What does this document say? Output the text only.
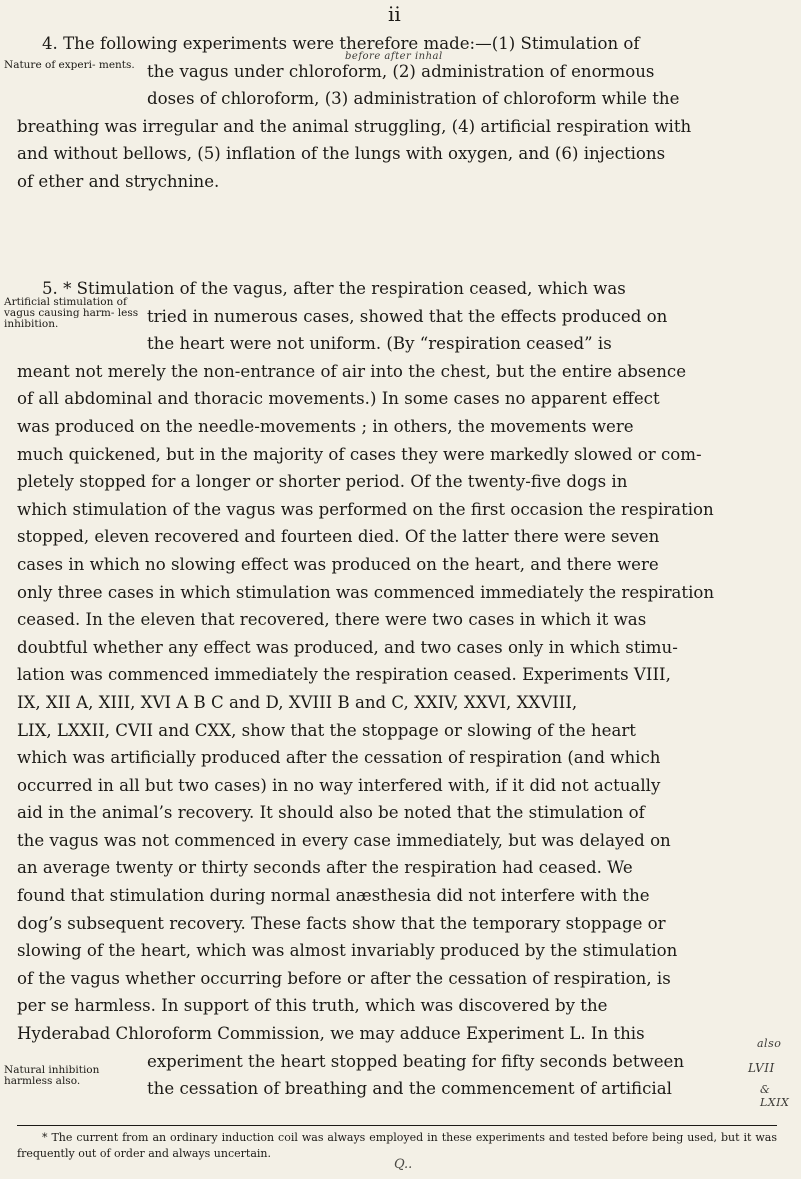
ii
Nature of experi- ments.
before after inhal

4. The following experiments were therefore made:—(1) Stimulation of
the vagus under chloroform, (2) administration of enormous
doses of chloroform, (3) administration of chloroform while the
breathing was irregular and the animal struggling, (4) artificial respiration with
and without bellows, (5) inflation of the lungs with oxygen, and (6) injections
of ether and strychnine.

Artificial stimulation of vagus causing harm- less inhibition.

5. * Stimulation of the vagus, after the respiration ceased, which was
tried in numerous cases, showed that the effects produced on
the heart were not uniform. (By “respiration ceased” is
meant not merely the non-entrance of air into the chest, but the entire absence
of all abdominal and thoracic movements.) In some cases no apparent effect
was produced on the needle-movements ; in others, the movements were
much quickened, but in the majority of cases they were markedly slowed or com-
pletely stopped for a longer or shorter period. Of the twenty-five dogs in
which stimulation of the vagus was performed on the first occasion the respiration
stopped, eleven recovered and fourteen died. Of the latter there were seven
cases in which no slowing effect was produced on the heart, and there were
only three cases in which stimulation was commenced immediately the respiration
ceased. In the eleven that recovered, there were two cases in which it was
doubtful whether any effect was produced, and two cases only in which stimu-
lation was commenced immediately the respiration ceased. Experiments VIII,
IX, XII A, XIII, XVI A B C and D, XVIII B and C, XXIV, XXVI, XXVIII,
LIX, LXXII, CVII and CXX, show that the stoppage or slowing of the heart
which was artificially produced after the cessation of respiration (and which
occurred in all but two cases) in no way interfered with, if it did not actually
aid in the animal’s recovery. It should also be noted that the stimulation of
the vagus was not commenced in every case immediately, but was delayed on
an average twenty or thirty seconds after the respiration had ceased. We
found that stimulation during normal anæsthesia did not interfere with the
dog’s subsequent recovery. These facts show that the temporary stoppage or
slowing of the heart, which was almost invariably produced by the stimulation
of the vagus whether occurring before or after the cessation of respiration, is
per se harmless. In support of this truth, which was discovered by the
Hyderabad Chloroform Commission, we may adduce Experiment L. In this
experiment the heart stopped beating for fifty seconds between
the cessation of breathing and the commencement of artificial

also
LVII
& LXIX
Natural inhibition harmless also.

* The current from an ordinary induction coil was always employed in these experiments and tested before being used, but it was frequently out of order and always uncertain.

Q..
